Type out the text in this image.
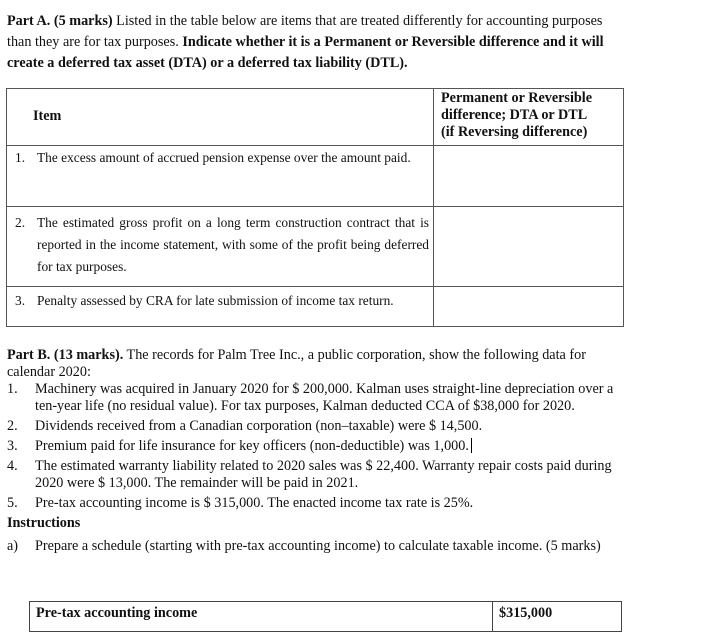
Part A. (5 marks) Listed in the table below are items that are treated differently for accounting purposes than they are for tax purposes. Indicate whether it is a Permanent or Reversible difference and it will create a deferred tax asset (DTA) or a deferred tax liability (DTL).
Item	Permanent or Reversible
difference; DTA or DTL
(if Reversing difference)

1. The excess amount of accrued pension expense over the amount paid.	

2. The estimated gross profit on a long term construction contract that is reported in the income statement, with some of the profit being deferred for tax purposes.	

3. Penalty assessed by CRA for late submission of income tax return.	

Part B. (13 marks). The records for Palm Tree Inc., a public corporation, show the following data for calendar 2020:

1.	Machinery was acquired in January 2020 for $ 200,000. Kalman uses straight-line depreciation over a ten-year life (no residual value). For tax purposes, Kalman deducted CCA of $38,000 for 2020.
2.	Dividends received from a Canadian corporation (non–taxable) were $ 14,500.
3.	Premium paid for life insurance for key officers (non-deductible) was 1,000.
4.	The estimated warranty liability related to 2020 sales was $ 22,400. Warranty repair costs paid during 2020 were $ 13,000. The remainder will be paid in 2021.
5.	Pre-tax accounting income is $ 315,000. The enacted income tax rate is 25%.

Instructions

a)	Prepare a schedule (starting with pre-tax accounting income) to calculate taxable income. (5 marks)
Pre-tax accounting income	$315,000
